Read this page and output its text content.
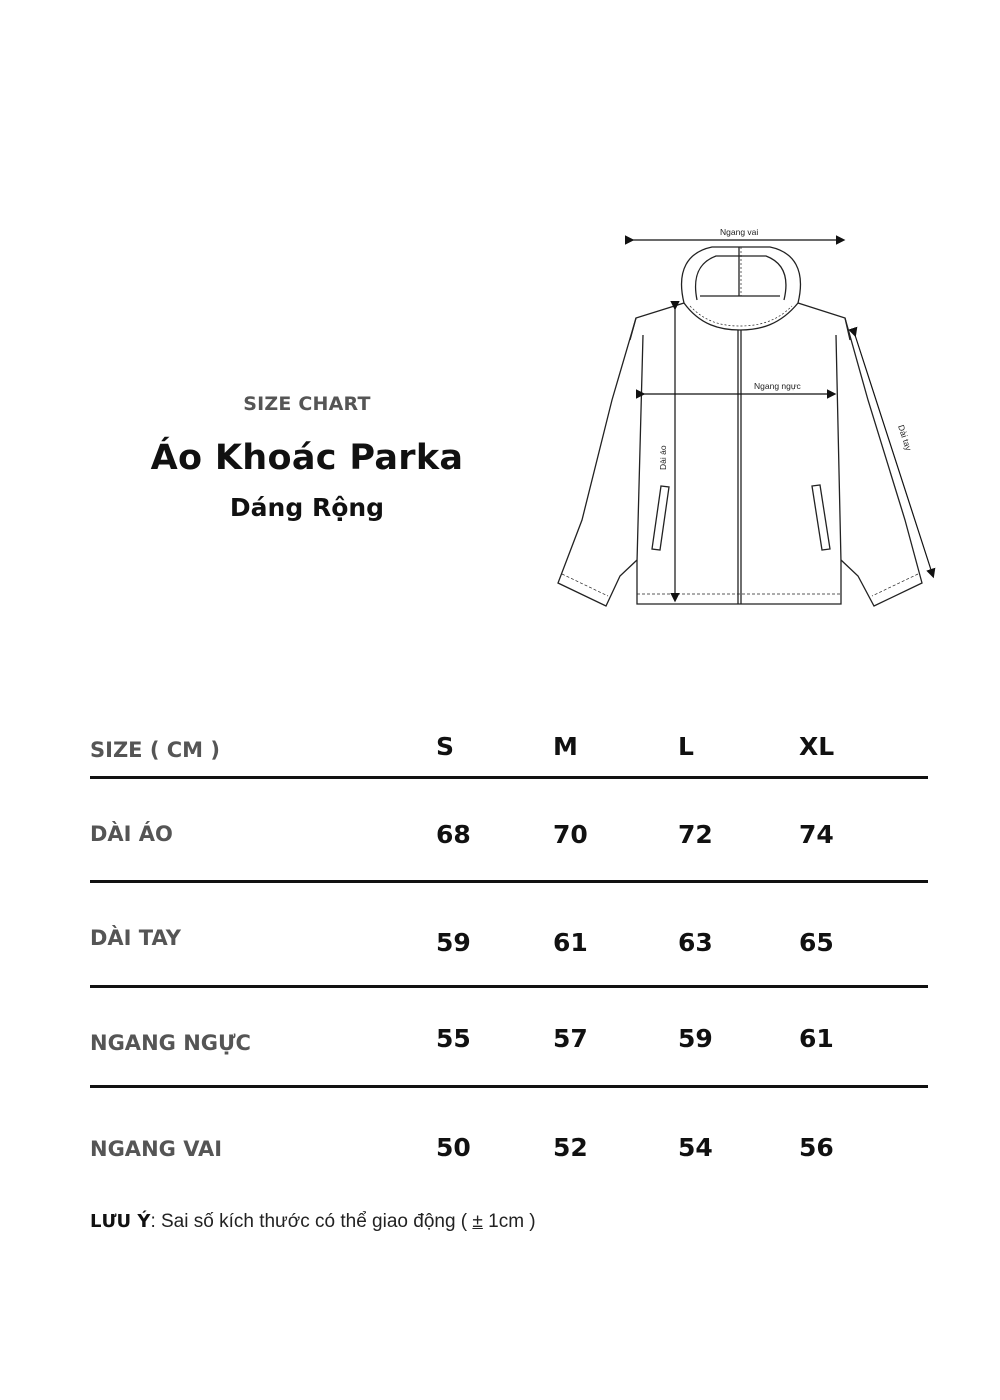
SIZE CHART
Áo Khoác Parka
Dáng Rộng
Ngang vai
Ngang ngực
Dài áo
Dài tay
SIZE ( CM )	S	M	L	XL
DÀI ÁO	68	70	72	74
DÀI TAY	59	61	63	65
NGANG NGỰC	55	57	59	61
NGANG VAI	50	52	54	56
LƯU Ý: Sai số kích thước có thể giao động ( ± 1cm )
